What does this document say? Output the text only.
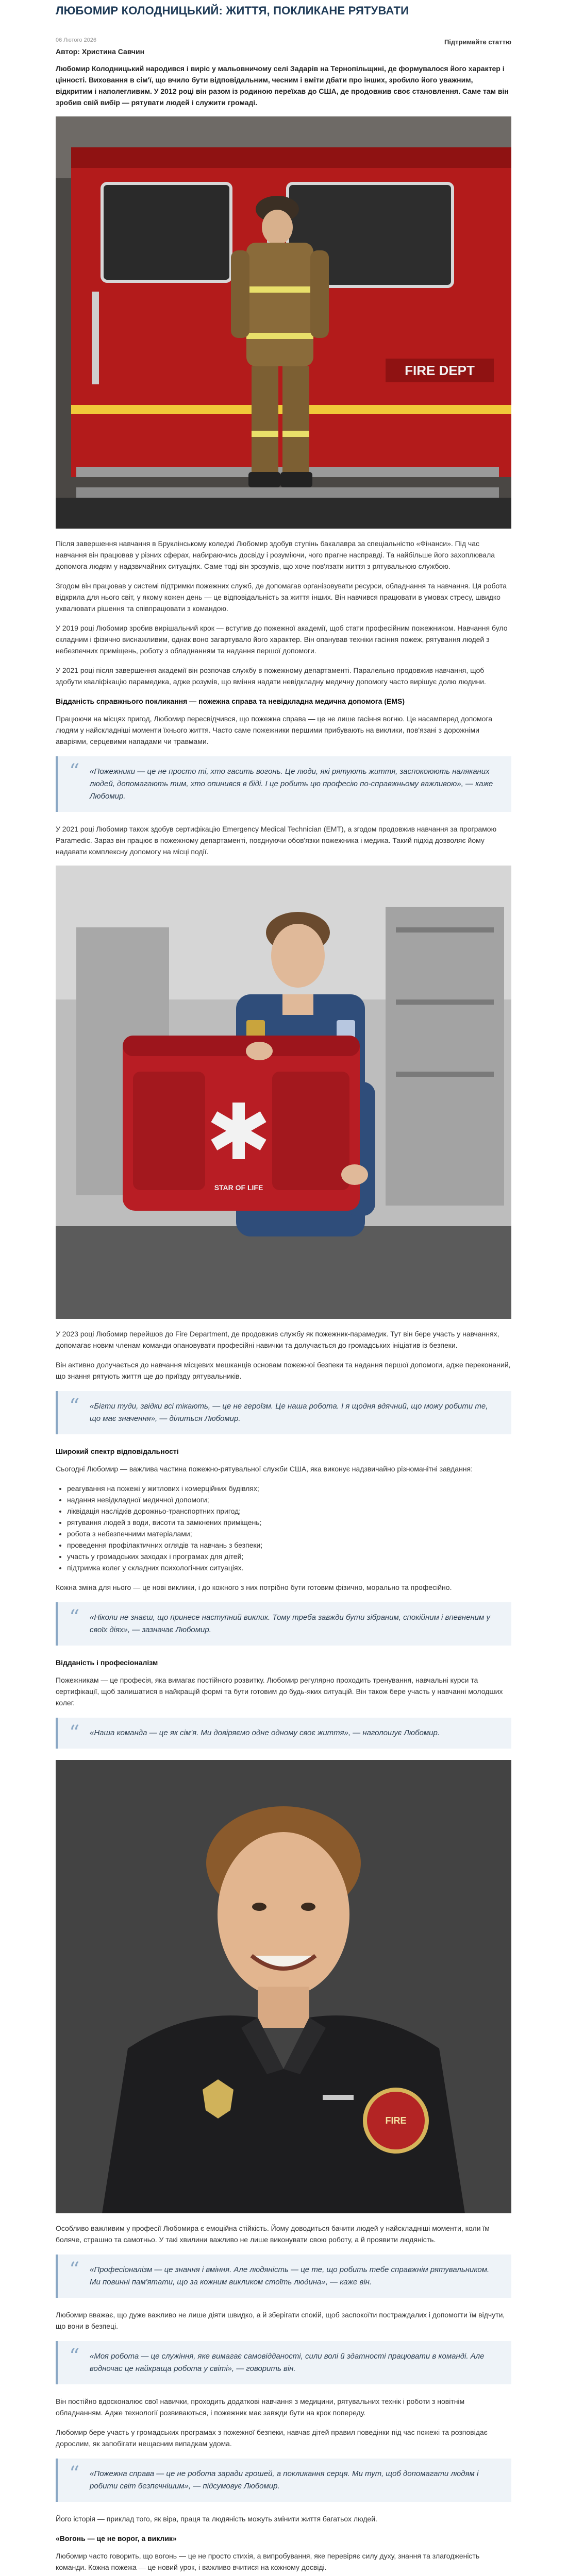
ЛЮБОМИР КОЛОДНИЦЬКИЙ: ЖИТТЯ, ПОКЛИКАНЕ РЯТУВАТИ
06 Лютого 2026	Підтримайте статтю
Автор: Христина Савчин

Любомир Колодницький народився і виріс у мальовничому селі Задарів на Тернопільщині, де формувалося його характер і цінності. Виховання в сім'ї, що вчило бути відповідальним, чесним і вміти дбати про інших, зробило його уважним, відкритим і наполегливим. У 2012 році він разом із родиною переїхав до США, де продовжив своє становлення. Саме там він зробив свій вибір — рятувати людей і служити громаді.

FIRE DEPT

Після завершення навчання в Бруклінському коледжі Любомир здобув ступінь бакалавра за спеціальністю «Фінанси». Під час навчання він працював у різних сферах, набираючись досвіду і розуміючи, чого прагне насправді. Та найбільше його захоплювала допомога людям у надзвичайних ситуаціях. Саме тоді він зрозумів, що хоче пов'язати життя з рятувальною службою.

Згодом він працював у системі підтримки пожежних служб, де допомагав організовувати ресурси, обладнання та навчання. Ця робота відкрила для нього світ, у якому кожен день — це відповідальність за життя інших. Він навчився працювати в умовах стресу, швидко ухвалювати рішення та співпрацювати з командою.

У 2019 році Любомир зробив вирішальний крок — вступив до пожежної академії, щоб стати професійним пожежником. Навчання було складним і фізично виснажливим, однак воно загартувало його характер. Він опанував техніки гасіння пожеж, рятування людей з небезпечних приміщень, роботу з обладнанням та надання першої допомоги.

У 2021 році після завершення академії він розпочав службу в пожежному департаменті. Паралельно продовжив навчання, щоб здобути кваліфікацію парамедика, адже розумів, що вміння надати невідкладну медичну допомогу часто вирішує долю людини.

Відданість справжнього покликання — пожежна справа та невідкладна медична допомога (EMS)

Працюючи на місцях пригод, Любомир пересвідчився, що пожежна справа — це не лише гасіння вогню. Це насамперед допомога людям у найскладніші моменти їхнього життя. Часто саме пожежники першими прибувають на виклики, пов'язані з дорожніми аваріями, серцевими нападами чи травмами.

“ «Пожежники — це не просто ті, хто гасить вогонь. Це люди, які рятують життя, заспокоюють наляканих людей, допомагають тим, хто опинився в біді. І це робить цю професію по-справжньому важливою», — каже Любомир.

У 2021 році Любомир також здобув сертифікацію Emergency Medical Technician (EMT), а згодом продовжив навчання за програмою Paramedic. Зараз він працює в пожежному департаменті, поєднуючи обов'язки пожежника і медика. Такий підхід дозволяє йому надавати комплексну допомогу на місці події.

STAR OF LIFE

У 2023 році Любомир перейшов до Fire Department, де продовжив службу як пожежник-парамедик. Тут він бере участь у навчаннях, допомагає новим членам команди опановувати професійні навички та долучається до громадських ініціатив із безпеки.

Він активно долучається до навчання місцевих мешканців основам пожежної безпеки та надання першої допомоги, адже переконаний, що знання рятують життя ще до приїзду рятувальників.

“ «Бігти туди, звідки всі тікають, — це не героїзм. Це наша робота. І я щодня вдячний, що можу робити те, що має значення», — ділиться Любомир.
Широкий спектр відповідальності

Сьогодні Любомир — важлива частина пожежно-рятувальної служби США, яка виконує надзвичайно різноманітні завдання:

• реагування на пожежі у житлових і комерційних будівлях;
• надання невідкладної медичної допомоги;
• ліквідація наслідків дорожньо-транспортних пригод;
• рятування людей з води, висоти та замкнених приміщень;
• робота з небезпечними матеріалами;
• проведення профілактичних оглядів та навчань з безпеки;
• участь у громадських заходах і програмах для дітей;
• підтримка колег у складних психологічних ситуаціях.

Кожна зміна для нього — це нові виклики, і до кожного з них потрібно бути готовим фізично, морально та професійно.

“ «Ніколи не знаєш, що принесе наступний виклик. Тому треба завжди бути зібраним, спокійним і впевненим у своїх діях», — зазначає Любомир.
Відданість і професіоналізм

Пожежникам — це професія, яка вимагає постійного розвитку. Любомир регулярно проходить тренування, навчальні курси та сертифікації, щоб залишатися в найкращій формі та бути готовим до будь-яких ситуацій. Він також бере участь у навчанні молодших колег.

“ «Наша команда — це як сім'я. Ми довіряємо одне одному своє життя», — наголошує Любомир.
FIRE

Особливо важливим у професії Любомира є емоційна стійкість. Йому доводиться бачити людей у найскладніші моменти, коли їм боляче, страшно та самотньо. У такі хвилини важливо не лише виконувати свою роботу, а й проявити людяність.

“ «Професіоналізм — це знання і вміння. Але людяність — це те, що робить тебе справжнім рятувальником. Ми повинні пам'ятати, що за кожним викликом стоїть людина», — каже він.

Любомир вважає, що дуже важливо не лише діяти швидко, а й зберігати спокій, щоб заспокоїти постраждалих і допомогти їм відчути, що вони в безпеці.

“ «Моя робота — це служіння, яке вимагає самовідданості, сили волі й здатності працювати в команді. Але водночас це найкраща робота у світі», — говорить він.

Він постійно вдосконалює свої навички, проходить додаткові навчання з медицини, рятувальних технік і роботи з новітнім обладнанням. Адже технології розвиваються, і пожежник має завжди бути на крок попереду.

Любомир бере участь у громадських програмах з пожежної безпеки, навчає дітей правил поведінки під час пожежі та розповідає дорослим, як запобігати нещасним випадкам удома.

“ «Пожежна справа — це не робота заради грошей, а покликання серця. Ми тут, щоб допомагати людям і робити світ безпечнішим», — підсумовує Любомир.

Його історія — приклад того, як віра, праця та людяність можуть змінити життя багатьох людей.

«Вогонь — це не ворог, а виклик»

Любомир часто говорить, що вогонь — це не просто стихія, а випробування, яке перевіряє силу духу, знання та злагодженість команди. Кожна пожежа — це новий урок, і важливо вчитися на кожному досвіді.
